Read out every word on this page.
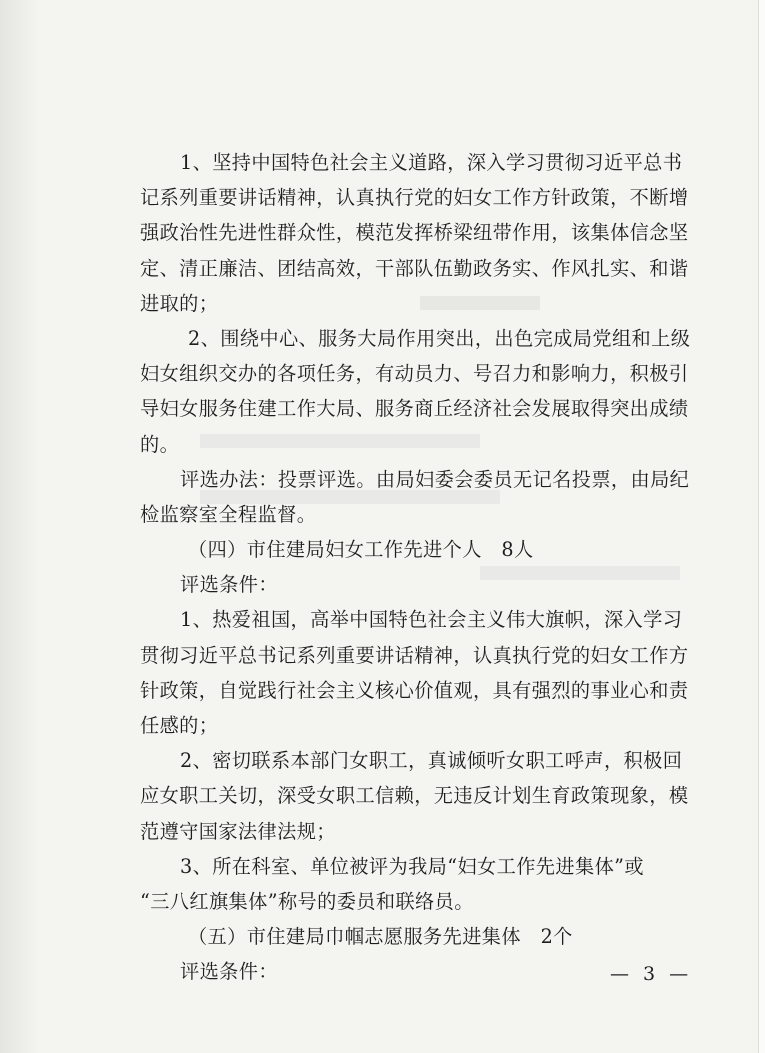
1、坚持中国特色社会主义道路，深入学习贯彻习近平总书
记系列重要讲话精神，认真执行党的妇女工作方针政策，不断增
强政治性先进性群众性，模范发挥桥梁纽带作用，该集体信念坚
定、清正廉洁、团结高效，干部队伍勤政务实、作风扎实、和谐
进取的；
2、围绕中心、服务大局作用突出，出色完成局党组和上级
妇女组织交办的各项任务，有动员力、号召力和影响力，积极引
导妇女服务住建工作大局、服务商丘经济社会发展取得突出成绩
的。
评选办法：投票评选。由局妇委会委员无记名投票，由局纪
检监察室全程监督。
（四）市住建局妇女工作先进个人　8人
评选条件：
1、热爱祖国，高举中国特色社会主义伟大旗帜，深入学习
贯彻习近平总书记系列重要讲话精神，认真执行党的妇女工作方
针政策，自觉践行社会主义核心价值观，具有强烈的事业心和责
任感的；
2、密切联系本部门女职工，真诚倾听女职工呼声，积极回
应女职工关切，深受女职工信赖，无违反计划生育政策现象，模
范遵守国家法律法规；
3、所在科室、单位被评为我局“妇女工作先进集体”或
“三八红旗集体”称号的委员和联络员。
（五）市住建局巾帼志愿服务先进集体　2个
评选条件：	— 3 —
